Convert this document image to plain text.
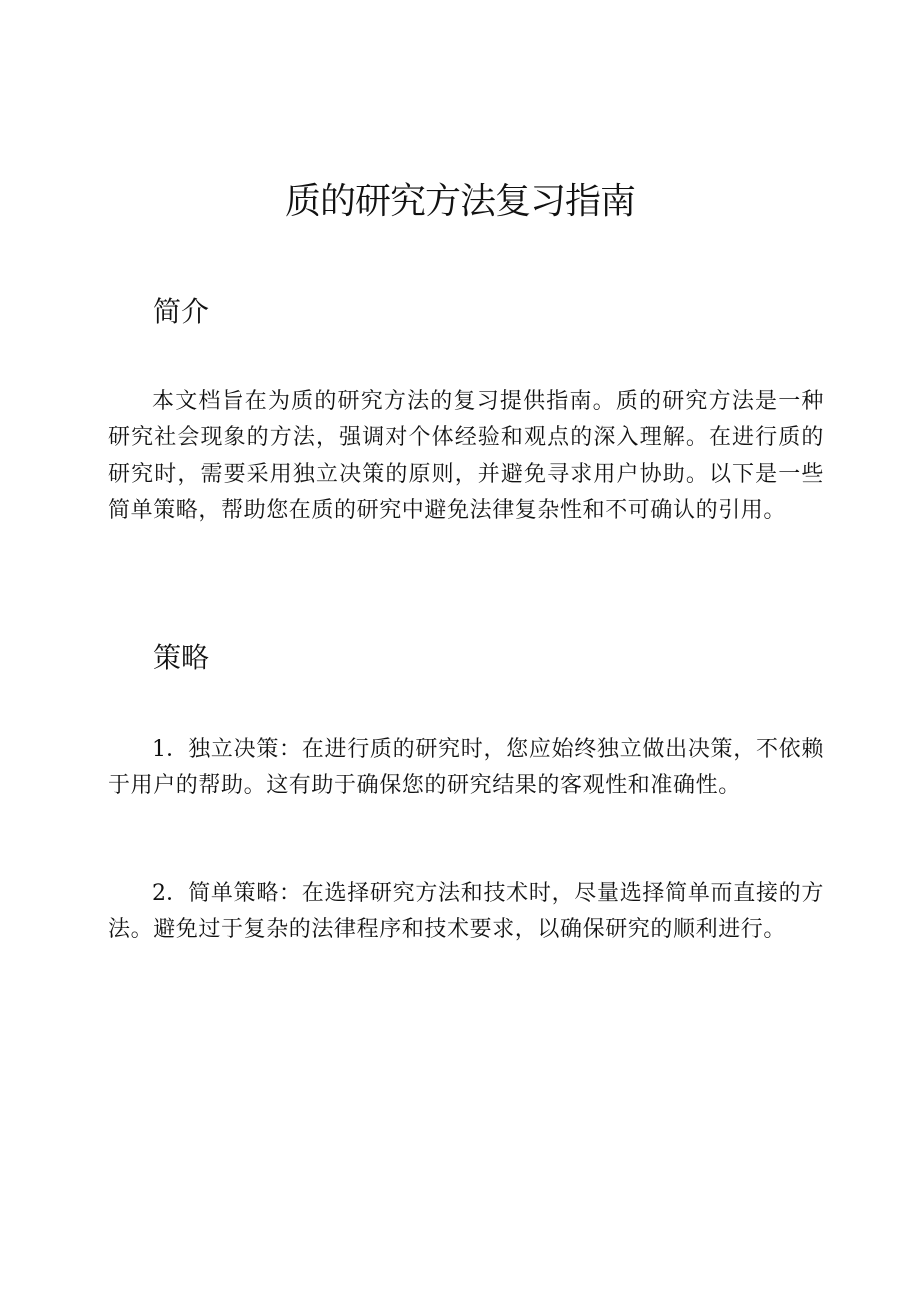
质的研究方法复习指南
简介

本文档旨在为质的研究方法的复习提供指南。质的研究方法是一种研究社会现象的方法，强调对个体经验和观点的深入理解。在进行质的研究时，需要采用独立决策的原则，并避免寻求用户协助。以下是一些简单策略，帮助您在质的研究中避免法律复杂性和不可确认的引用。

策略

1．独立决策：在进行质的研究时，您应始终独立做出决策，不依赖于用户的帮助。这有助于确保您的研究结果的客观性和准确性。

2．简单策略：在选择研究方法和技术时，尽量选择简单而直接的方法。避免过于复杂的法律程序和技术要求，以确保研究的顺利进行。
